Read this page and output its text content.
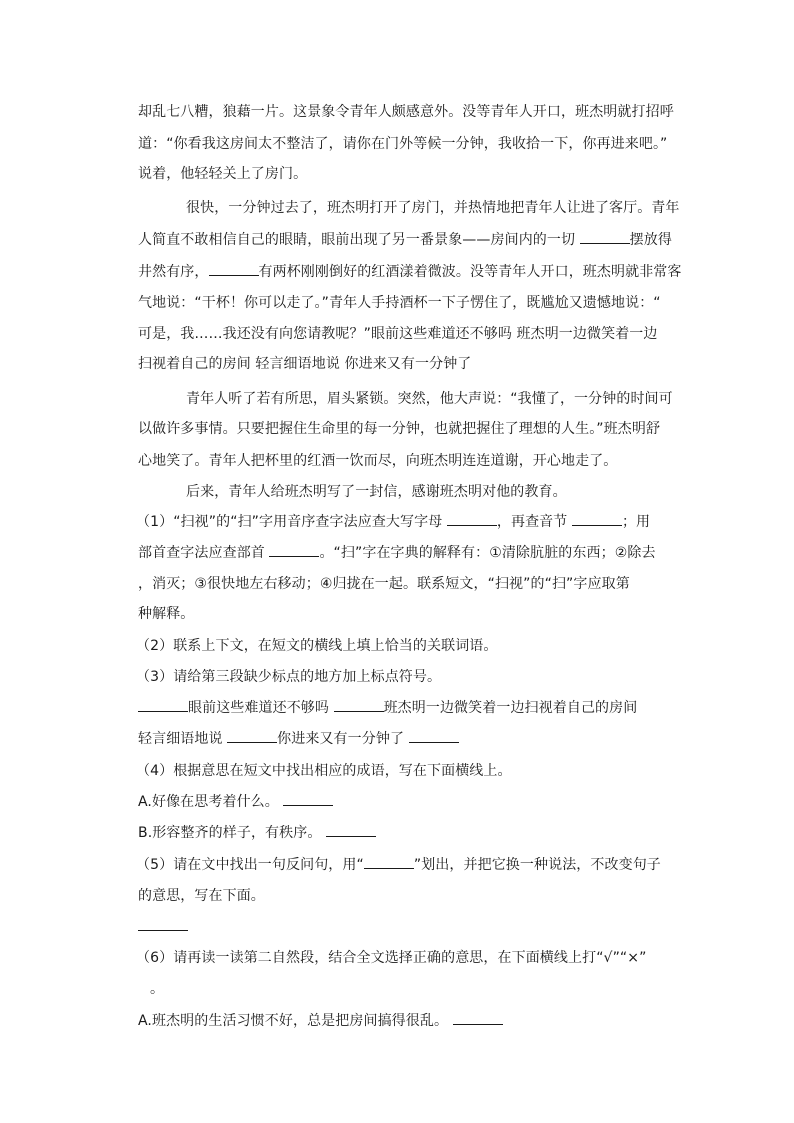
却乱七八糟，狼藉一片。这景象令青年人颇感意外。没等青年人开口，班杰明就打招呼
道：“你看我这房间太不整洁了，请你在门外等候一分钟，我收拾一下，你再进来吧。”
说着，他轻轻关上了房门。
很快，一分钟过去了，班杰明打开了房门，并热情地把青年人让进了客厅。青年
人简直不敢相信自己的眼睛，眼前出现了另一番景象——房间内的一切	摆放得
井然有序，	有两杯刚刚倒好的红酒漾着微波。没等青年人开口，班杰明就非常客
气地说：“干杯！你可以走了。”青年人手持酒杯一下子愣住了，既尴尬又遗憾地说：“
可是，我……我还没有向您请教呢？”眼前这些难道还不够吗 班杰明一边微笑着一边
扫视着自己的房间 轻言细语地说 你进来又有一分钟了
青年人听了若有所思，眉头紧锁。突然，他大声说：“我懂了，一分钟的时间可
以做许多事情。只要把握住生命里的每一分钟，也就把握住了理想的人生。”班杰明舒
心地笑了。青年人把杯里的红酒一饮而尽，向班杰明连连道谢，开心地走了。
后来，青年人给班杰明写了一封信，感谢班杰明对他的教育。
（1）“扫视”的“扫”字用音序查字法应查大写字母	，再查音节	；用
部首查字法应查部首	。“扫”字在字典的解释有：①清除肮脏的东西；②除去
，消灭；③很快地左右移动；④归拢在一起。联系短文，“扫视”的“扫”字应取第
种解释。
（2）联系上下文，在短文的横线上填上恰当的关联词语。
（3）请给第三段缺少标点的地方加上标点符号。
眼前这些难道还不够吗	班杰明一边微笑着一边扫视着自己的房间
轻言细语地说	你进来又有一分钟了
（4）根据意思在短文中找出相应的成语，写在下面横线上。
A.好像在思考着什么。
B.形容整齐的样子，有秩序。
（5）请在文中找出一句反问句，用“	”划出，并把它换一种说法，不改变句子
的意思，写在下面。
（6）请再读一读第二自然段，结合全文选择正确的意思，在下面横线上打“√”“×”
。
A.班杰明的生活习惯不好，总是把房间搞得很乱。
